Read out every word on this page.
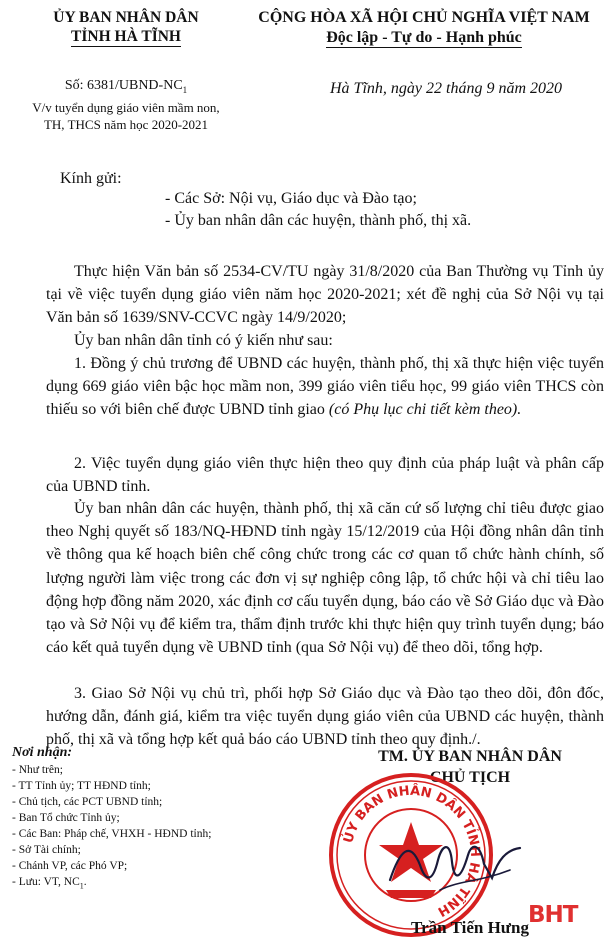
ỦY BAN NHÂN DÂN
TỈNH HÀ TĨNH
CỘNG HÒA XÃ HỘI CHỦ NGHĨA VIỆT NAM
Độc lập - Tự do - Hạnh phúc
Số: $6381/UBND-NC_1$
V/v tuyển dụng giáo viên mầm non,
TH, THCS năm học 2020-2021
Hà Tĩnh, ngày 22 tháng 9 năm 2020
Kính gửi:
- Các Sở: Nội vụ, Giáo dục và Đào tạo;
- Ủy ban nhân dân các huyện, thành phố, thị xã.
Thực hiện Văn bản số 2534-CV/TU ngày 31/8/2020 của Ban Thường vụ Tỉnh ủy tại về việc tuyển dụng giáo viên năm học 2020-2021; xét đề nghị của Sở Nội vụ tại Văn bản số 1639/SNV-CCVC ngày 14/9/2020;
Ủy ban nhân dân tỉnh có ý kiến như sau:
1. Đồng ý chủ trương để UBND các huyện, thành phố, thị xã thực hiện việc tuyển dụng 669 giáo viên bậc học mầm non, 399 giáo viên tiểu học, 99 giáo viên THCS còn thiếu so với biên chế được UBND tỉnh giao (có Phụ lục chi tiết kèm theo).
2. Việc tuyển dụng giáo viên thực hiện theo quy định của pháp luật và phân cấp của UBND tỉnh.
Ủy ban nhân dân các huyện, thành phố, thị xã căn cứ số lượng chỉ tiêu được giao theo Nghị quyết số 183/NQ-HĐND tỉnh ngày 15/12/2019 của Hội đồng nhân dân tỉnh về thông qua kế hoạch biên chế công chức trong các cơ quan tổ chức hành chính, số lượng người làm việc trong các đơn vị sự nghiệp công lập, tổ chức hội và chỉ tiêu lao động hợp đồng năm 2020, xác định cơ cấu tuyển dụng, báo cáo về Sở Giáo dục và Đào tạo và Sở Nội vụ để kiểm tra, thẩm định trước khi thực hiện quy trình tuyển dụng; báo cáo kết quả tuyển dụng về UBND tỉnh (qua Sở Nội vụ) để theo dõi, tổng hợp.
3. Giao Sở Nội vụ chủ trì, phối hợp Sở Giáo dục và Đào tạo theo dõi, đôn đốc, hướng dẫn, đánh giá, kiểm tra việc tuyển dụng giáo viên của UBND các huyện, thành phố, thị xã và tổng hợp kết quả báo cáo UBND tỉnh theo quy định./.
Nơi nhận:
- Như trên;
- TT Tỉnh ủy; TT HĐND tỉnh;
- Chủ tịch, các PCT UBND tỉnh;
- Ban Tổ chức Tỉnh ủy;
- Các Ban: Pháp chế, VHXH - HĐND tỉnh;
- Sở Tài chính;
- Chánh VP, các Phó VP;
- Lưu: VT, $NC_1$.
TM. ỦY BAN NHÂN DÂN
CHỦ TỊCH
ỦY BAN NHÂN DÂN TỈNH HÀ TĨNH
Trần Tiến Hưng BHT
